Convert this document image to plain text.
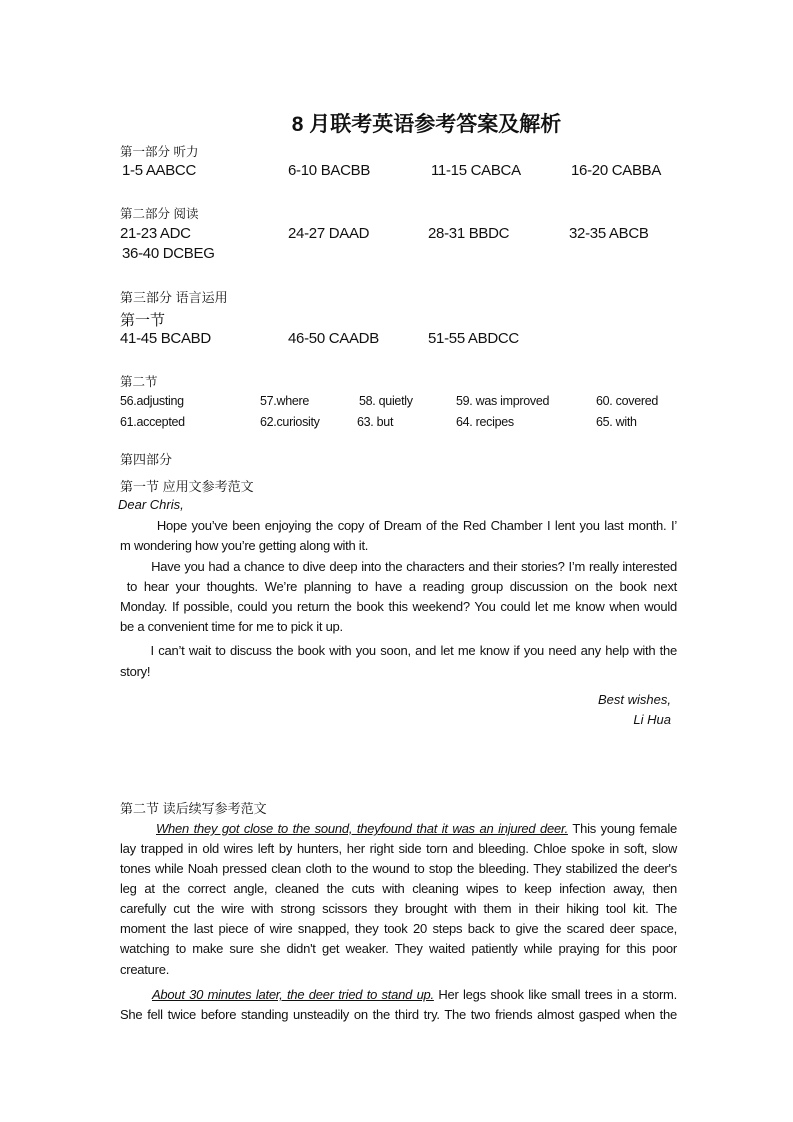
8 月联考英语参考答案及解析
第一部分 听力
1-5 AABCC	6-10 BACBB	11-15 CABCA	16-20 CABBA
第二部分 阅读
21-23 ADC	24-27 DAAD	28-31 BBDC	32-35 ABCB
36-40 DCBEG
第三部分 语言运用
第一节
41-45 BCABD	46-50 CAADB	51-55 ABDCC
第二节
56.adjusting	57.where	58. quietly	59. was improved	60. covered
61.accepted	62.curiosity	63. but	64. recipes	65. with
第四部分
第一节 应用文参考范文
Dear Chris,
Hope you’ve been enjoying the copy of Dream of the Red Chamber I lent you last month. I’
m wondering how you’re getting along with it.
Have you had a chance to dive deep into the characters and their stories? I’m really interested
to hear your thoughts. We’re planning to have a reading group discussion on the book next
Monday. If possible, could you return the book this weekend? You could let me know when would
be a convenient time for me to pick it up.
I can’t wait to discuss the book with you soon, and let me know if you need any help with the
story!
Best wishes,
Li Hua
第二节 读后续写参考范文
When they got close to the sound, theyfound that it was an injured deer. This young female
lay trapped in old wires left by hunters, her right side torn and bleeding. Chloe spoke in soft, slow
tones while Noah pressed clean cloth to the wound to stop the bleeding. They stabilized the deer's
leg at the correct angle, cleaned the cuts with cleaning wipes to keep infection away, then
carefully cut the wire with strong scissors they brought with them in their hiking tool kit. The
moment the last piece of wire snapped, they took 20 steps back to give the scared deer space,
watching to make sure she didn't get weaker. They waited patiently while praying for this poor
creature.
About 30 minutes later, the deer tried to stand up. Her legs shook like small trees in a storm.
She fell twice before standing unsteadily on the third try. The two friends almost gasped when the
